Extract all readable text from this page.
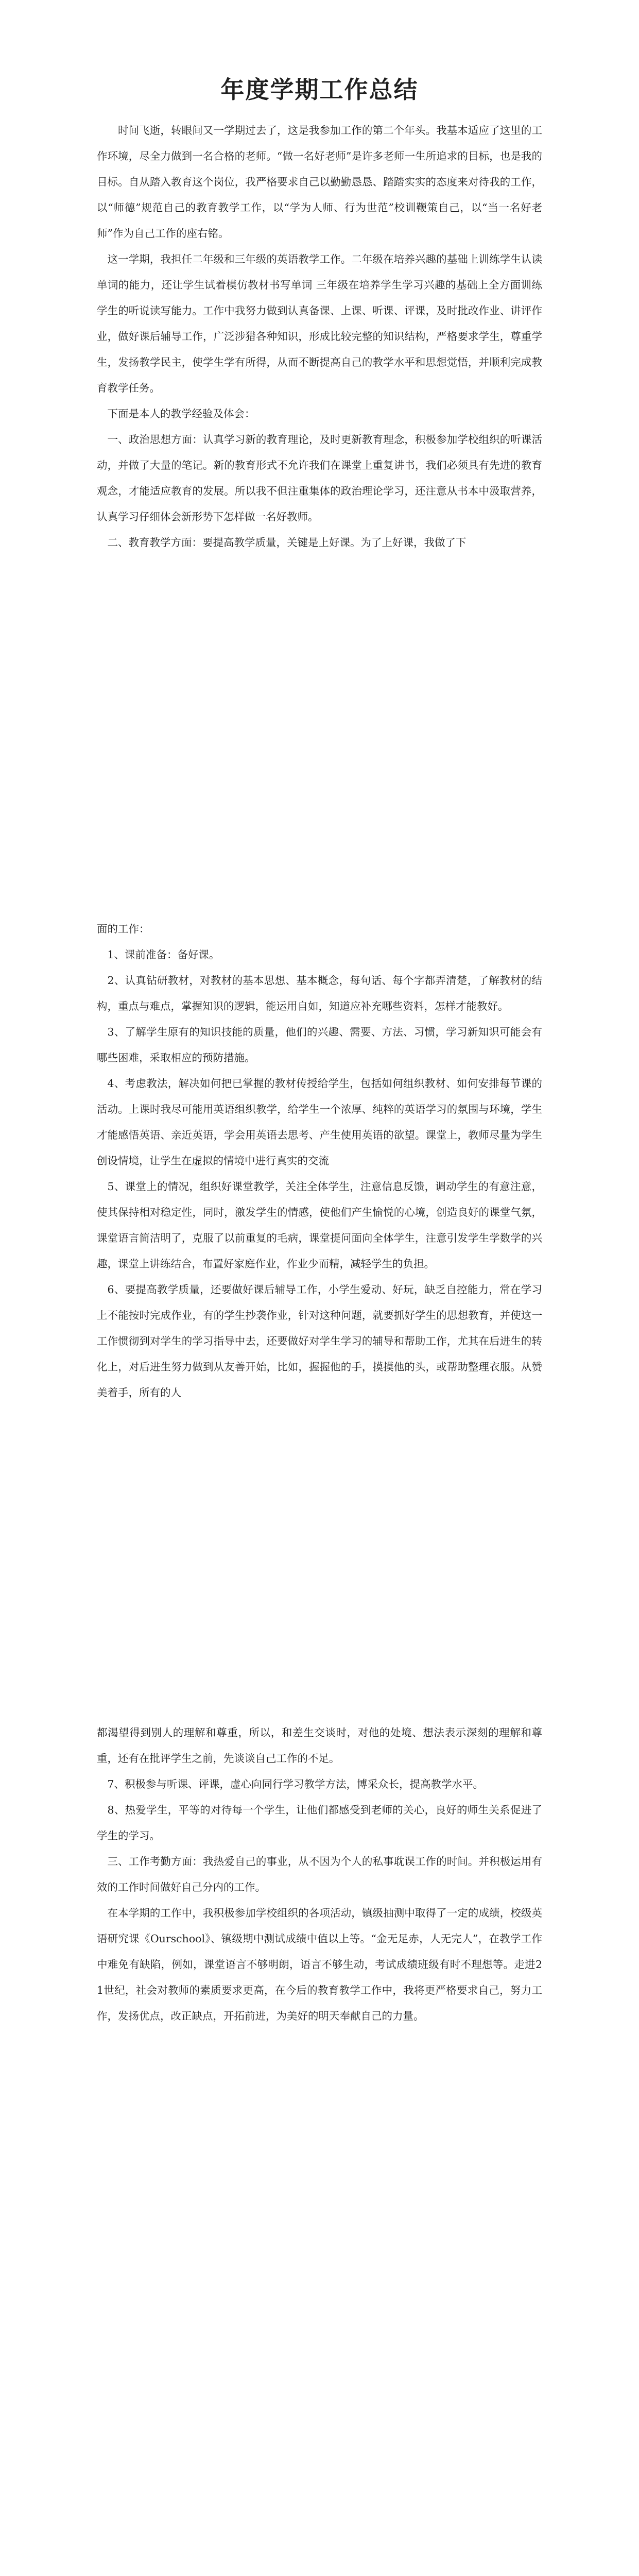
年度学期工作总结

时间飞逝，转眼间又一学期过去了，这是我参加工作的第二个年头。我基本适应了这里的工作环境，尽全力做到一名合格的老师。“做一名好老师”是许多老师一生所追求的目标，也是我的目标。自从踏入教育这个岗位，我严格要求自己以勤勤恳恳、踏踏实实的态度来对待我的工作，以“师德”规范自己的教育教学工作，以“学为人师、行为世范”校训鞭策自己，以“当一名好老师”作为自己工作的座右铭。

这一学期，我担任二年级和三年级的英语教学工作。二年级在培养兴趣的基础上训练学生认读单词的能力，还让学生试着模仿教材书写单词 三年级在培养学生学习兴趣的基础上全方面训练学生的听说读写能力。工作中我努力做到认真备课、上课、听课、评课，及时批改作业、讲评作业，做好课后辅导工作，广泛涉猎各种知识，形成比较完整的知识结构，严格要求学生，尊重学生，发扬教学民主，使学生学有所得，从而不断提高自己的教学水平和思想觉悟，并顺利完成教育教学任务。

下面是本人的教学经验及体会：

一、政治思想方面：认真学习新的教育理论，及时更新教育理念，积极参加学校组织的听课活动，并做了大量的笔记。新的教育形式不允许我们在课堂上重复讲书，我们必须具有先进的教育观念，才能适应教育的发展。所以我不但注重集体的政治理论学习，还注意从书本中汲取营养，认真学习仔细体会新形势下怎样做一名好教师。

二、教育教学方面：要提高教学质量，关键是上好课。为了上好课，我做了下

面的工作：

1、课前准备：备好课。

2、认真钻研教材，对教材的基本思想、基本概念，每句话、每个字都弄清楚，了解教材的结构，重点与难点，掌握知识的逻辑，能运用自如，知道应补充哪些资料，怎样才能教好。

3、了解学生原有的知识技能的质量，他们的兴趣、需要、方法、习惯，学习新知识可能会有哪些困难，采取相应的预防措施。

4、考虑教法，解决如何把已掌握的教材传授给学生，包括如何组织教材、如何安排每节课的活动。上课时我尽可能用英语组织教学，给学生一个浓厚、纯粹的英语学习的氛围与环境，学生才能感悟英语、亲近英语，学会用英语去思考、产生使用英语的欲望。课堂上，教师尽量为学生创设情境，让学生在虚拟的情境中进行真实的交流

5、课堂上的情况，组织好课堂教学，关注全体学生，注意信息反馈，调动学生的有意注意，使其保持相对稳定性，同时，激发学生的情感，使他们产生愉悦的心境，创造良好的课堂气氛，课堂语言简洁明了，克服了以前重复的毛病，课堂提问面向全体学生，注意引发学生学数学的兴趣，课堂上讲练结合，布置好家庭作业，作业少而精，减轻学生的负担。

6、要提高教学质量，还要做好课后辅导工作，小学生爱动、好玩，缺乏自控能力，常在学习上不能按时完成作业，有的学生抄袭作业，针对这种问题，就要抓好学生的思想教育，并使这一工作惯彻到对学生的学习指导中去，还要做好对学生学习的辅导和帮助工作，尤其在后进生的转化上，对后进生努力做到从友善开始，比如，握握他的手，摸摸他的头，或帮助整理衣服。从赞美着手，所有的人

都渴望得到别人的理解和尊重，所以，和差生交谈时，对他的处境、想法表示深刻的理解和尊重，还有在批评学生之前，先谈谈自己工作的不足。

7、积极参与听课、评课，虚心向同行学习教学方法，博采众长，提高教学水平。

8、热爱学生，平等的对待每一个学生，让他们都感受到老师的关心，良好的师生关系促进了学生的学习。

三、工作考勤方面：我热爱自己的事业，从不因为个人的私事耽误工作的时间。并积极运用有效的工作时间做好自己分内的工作。

在本学期的工作中，我积极参加学校组织的各项活动，镇级抽测中取得了一定的成绩，校级英语研究课《Ourschool》、镇级期中测试成绩中值以上等。“金无足赤，人无完人”，在教学工作中难免有缺陷，例如，课堂语言不够明朗，语言不够生动，考试成绩班级有时不理想等。走进21世纪，社会对教师的素质要求更高，在今后的教育教学工作中，我将更严格要求自己，努力工作，发扬优点，改正缺点，开拓前进，为美好的明天奉献自己的力量。
